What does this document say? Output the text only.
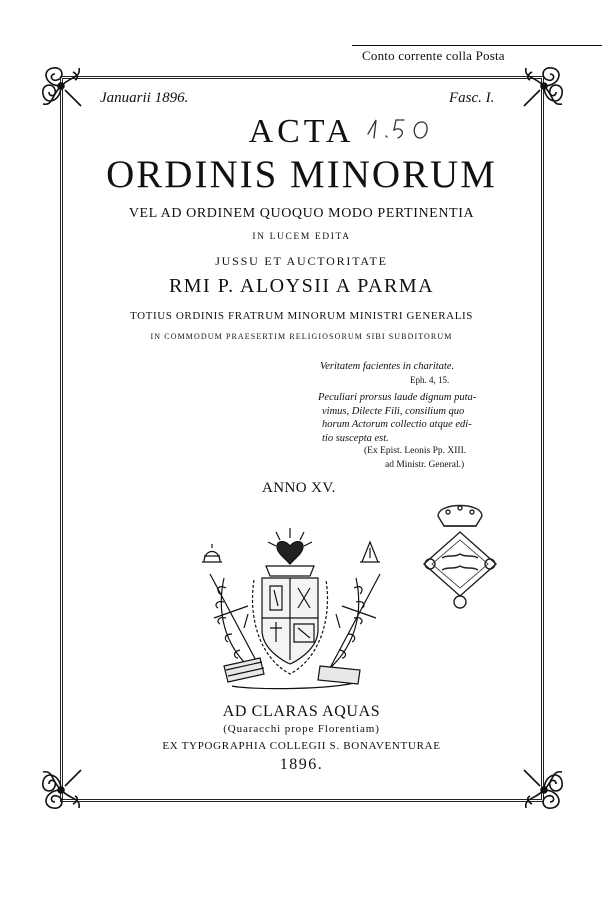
Conto corrente colla Posta
Januarii 1896.	Fasc. I.
ACTA
ORDINIS MINORUM
VEL AD ORDINEM QUOQUO MODO PERTINENTIA
IN LUCEM EDITA
JUSSU ET AUCTORITATE
RMI P. ALOYSII A PARMA
TOTIUS ORDINIS FRATRUM MINORUM MINISTRI GENERALIS
IN COMMODUM PRAESERTIM RELIGIOSORUM SIBI SUBDITORUM
Veritatem facientes in charitate.
Eph. 4, 15.
Peculiari prorsus laude dignum puta-
vimus, Dilecte Fili, consilium quo
horum Actorum collectio atque edi-
tio suscepta est.
(Ex Epist. Leonis Pp. XIII.
ad Ministr. General.)
ANNO XV.
AD CLARAS AQUAS
(Quaracchi prope Florentiam)
EX TYPOGRAPHIA COLLEGII S. BONAVENTURAE
1896.
